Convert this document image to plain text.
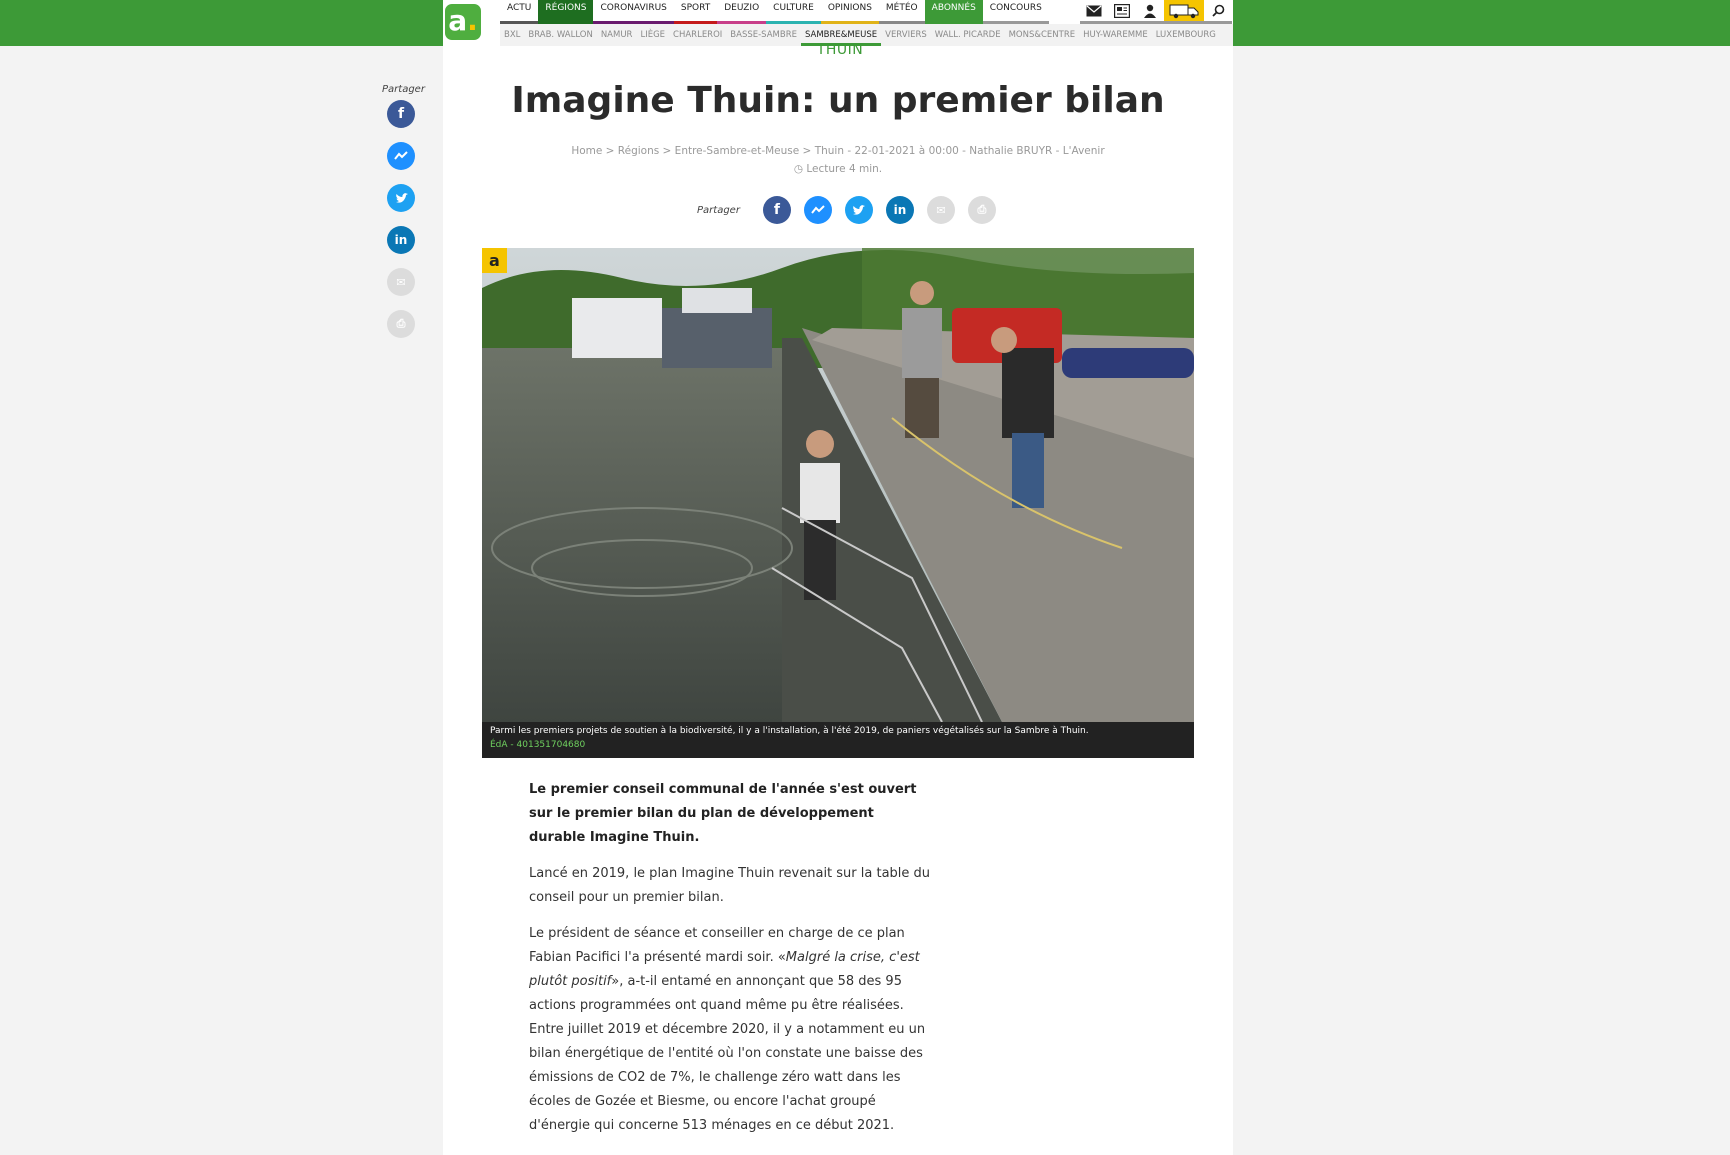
a.	ACTU	RÉGIONS	CORONAVIRUS	SPORT	DEUZIO	CULTURE	OPINIONS	MÉTÉO	ABONNÉS	CONCOURS
BXL BRAB. WALLON NAMUR LIÈGE CHARLEROI BASSE-SAMBRE SAMBRE&MEUSE VERVIERS WALL. PICARDE MONS&CENTRE HUY-WAREMME LUXEMBOURG
THUIN
Imagine Thuin: un premier bilan
Home > Régions > Entre-Sambre-et-Meuse > Thuin - 22-01-2021 à 00:00 - Nathalie BRUYR - L'Avenir
◷ Lecture 4 min.
Partager f	in	✉	⎙
Partager
f
in
✉
⎙
a
Parmi les premiers projets de soutien à la biodiversité, il y a l'installation, à l'été 2019, de paniers végétalisés sur la Sambre à Thuin.
ÉdA - 401351704680

Le premier conseil communal de l'année s'est ouvert sur le premier bilan du plan de développement durable Imagine Thuin.

Lancé en 2019, le plan Imagine Thuin revenait sur la table du conseil pour un premier bilan.

Le président de séance et conseiller en charge de ce plan Fabian Pacifici l'a présenté mardi soir. «Malgré la crise, c'est plutôt positif», a-t-il entamé en annonçant que 58 des 95 actions programmées ont quand même pu être réalisées. Entre juillet 2019 et décembre 2020, il y a notamment eu un bilan énergétique de l'entité où l'on constate une baisse des émissions de CO2 de 7%, le challenge zéro watt dans les écoles de Gozée et Biesme, ou encore l'achat groupé d'énergie qui concerne 513 ménages en ce début 2021.
